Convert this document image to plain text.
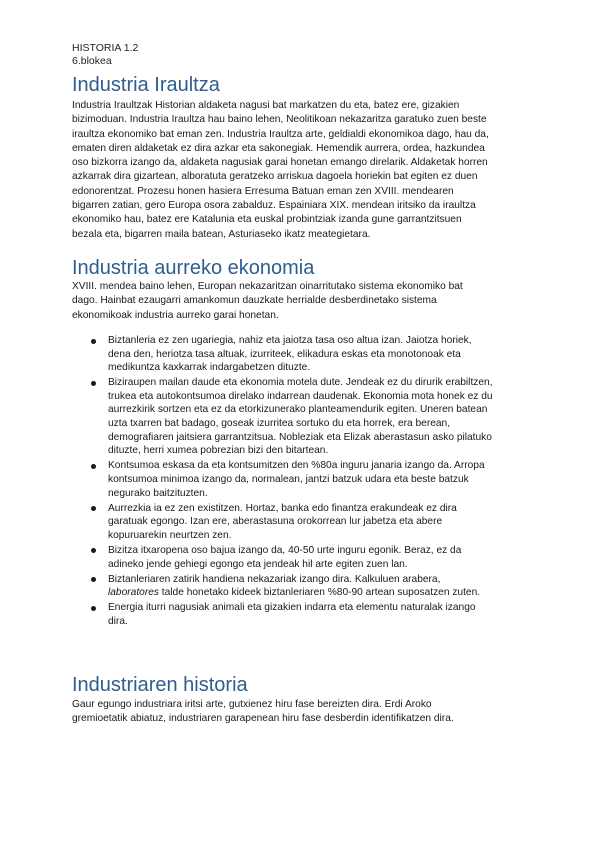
HISTORIA 1.2
6.blokea
Industria Iraultza
Industria Iraultzak Historian aldaketa nagusi bat markatzen du eta, batez ere, gizakien
bizimoduan. Industria Iraultza hau baino lehen, Neolitikoan nekazaritza garatuko zuen beste
iraultza ekonomiko bat eman zen. Industria Iraultza arte, geldialdi ekonomikoa dago, hau da,
ematen diren aldaketak ez dira azkar eta sakonegiak. Hemendik aurrera, ordea, hazkundea
oso bizkorra izango da, aldaketa nagusiak garai honetan emango direlarik. Aldaketak horren
azkarrak dira gizartean, alboratuta geratzeko arriskua dagoela horiekin bat egiten ez duen
edonorentzat. Prozesu honen hasiera Erresuma Batuan eman zen XVIII. mendearen
bigarren zatian, gero Europa osora zabalduz. Espainiara XIX. mendean iritsiko da iraultza
ekonomiko hau, batez ere Katalunia eta euskal probintziak izanda gune garrantzitsuen
bezala eta, bigarren maila batean, Asturiaseko ikatz meategietara.
Industria aurreko ekonomia
XVIII. mendea baino lehen, Europan nekazaritzan oinarritutako sistema ekonomiko bat
dago. Hainbat ezaugarri amankomun dauzkate herrialde desberdinetako sistema
ekonomikoak industria aurreko garai honetan.
Biztanleria ez zen ugariegia, nahiz eta jaiotza tasa oso altua izan. Jaiotza horiek,
dena den, heriotza tasa altuak, izurriteek, elikadura eskas eta monotonoak eta
medikuntza kaxkarrak indargabetzen dituzte.
Biziraupen mailan daude eta ekonomia motela dute. Jendeak ez du dirurik erabiltzen,
trukea eta autokontsumoa direlako indarrean daudenak. Ekonomia mota honek ez du
aurrezkirik sortzen eta ez da etorkizunerako planteamendurik egiten. Uneren batean
uzta txarren bat badago, goseak izurritea sortuko du eta horrek, era berean,
demografiaren jaitsiera garrantzitsua. Nobleziak eta Elizak aberastasun asko pilatuko
dituzte, herri xumea pobrezian bizi den bitartean.
Kontsumoa eskasa da eta kontsumitzen den %80a inguru janaria izango da. Arropa
kontsumoa minimoa izango da, normalean, jantzi batzuk udara eta beste batzuk
negurako baitzituzten.
Aurrezkia ia ez zen existitzen. Hortaz, banka edo finantza erakundeak ez dira
garatuak egongo. Izan ere, aberastasuna orokorrean lur jabetza eta abere
kopuruarekin neurtzen zen.
Bizitza itxaropena oso bajua izango da, 40-50 urte inguru egonik. Beraz, ez da
adineko jende gehiegi egongo eta jendeak hil arte egiten zuen lan.
Biztanleriaren zatirik handiena nekazariak izango dira. Kalkuluen arabera,
laboratores talde honetako kideek biztanleriaren %80-90 artean suposatzen zuten.
Energia iturri nagusiak animali eta gizakien indarra eta elementu naturalak izango
dira.
Industriaren historia
Gaur egungo industriara iritsi arte, gutxienez hiru fase bereizten dira. Erdi Aroko
gremioetatik abiatuz, industriaren garapenean hiru fase desberdin identifikatzen dira.
